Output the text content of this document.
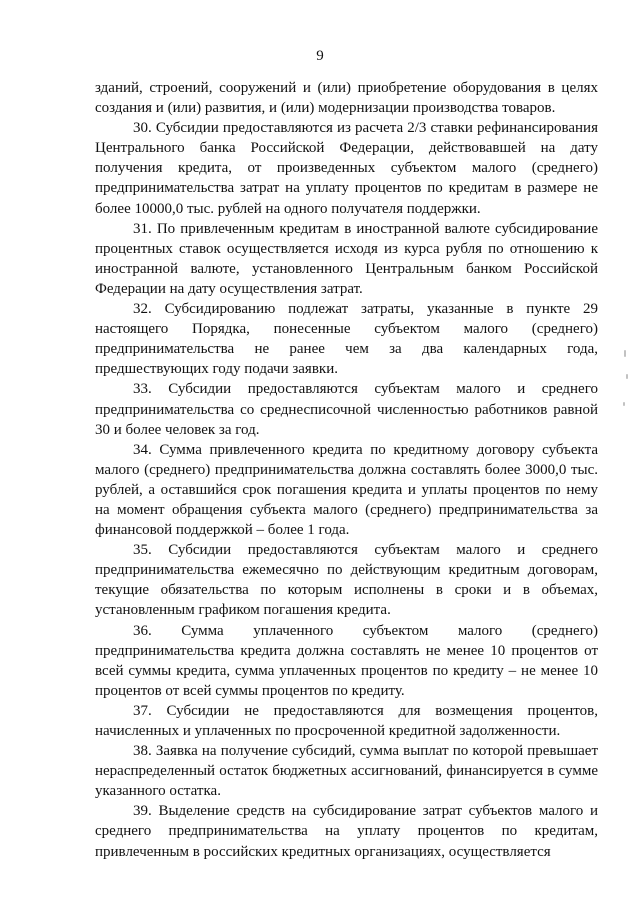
9

зданий, строений, сооружений и (или) приобретение оборудования в целях создания и (или) развития, и (или) модернизации производства товаров.

30. Субсидии предоставляются из расчета 2/3 ставки рефинансирования Центрального банка Российской Федерации, действовавшей на дату получения кредита, от произведенных субъектом малого (среднего) предпринимательства затрат на уплату процентов по кредитам в размере не более 10000,0 тыс. рублей на одного получателя поддержки.

31. По привлеченным кредитам в иностранной валюте субсидирование процентных ставок осуществляется исходя из курса рубля по отношению к иностранной валюте, установленного Центральным банком Российской Федерации на дату осуществления затрат.

32. Субсидированию подлежат затраты, указанные в пункте 29 настоящего Порядка, понесенные субъектом малого (среднего) предпринимательства не ранее чем за два календарных года, предшествующих году подачи заявки.

33. Субсидии предоставляются субъектам малого и среднего предпринимательства со среднесписочной численностью работников равной 30 и более человек за год.

34. Сумма привлеченного кредита по кредитному договору субъекта малого (среднего) предпринимательства должна составлять более 3000,0 тыс. рублей, а оставшийся срок погашения кредита и уплаты процентов по нему на момент обращения субъекта малого (среднего) предпринимательства за финансовой поддержкой – более 1 года.

35. Субсидии предоставляются субъектам малого и среднего предпринимательства ежемесячно по действующим кредитным договорам, текущие обязательства по которым исполнены в сроки и в объемах, установленным графиком погашения кредита.

36. Сумма уплаченного субъектом малого (среднего) предпринимательства кредита должна составлять не менее 10 процентов от всей суммы кредита, сумма уплаченных процентов по кредиту – не менее 10 процентов от всей суммы процентов по кредиту.

37. Субсидии не предоставляются для возмещения процентов, начисленных и уплаченных по просроченной кредитной задолженности.

38. Заявка на получение субсидий, сумма выплат по которой превышает нераспределенный остаток бюджетных ассигнований, финансируется в сумме указанного остатка.

39. Выделение средств на субсидирование затрат субъектов малого и среднего предпринимательства на уплату процентов по кредитам, привлеченным в российских кредитных организациях, осуществляется
